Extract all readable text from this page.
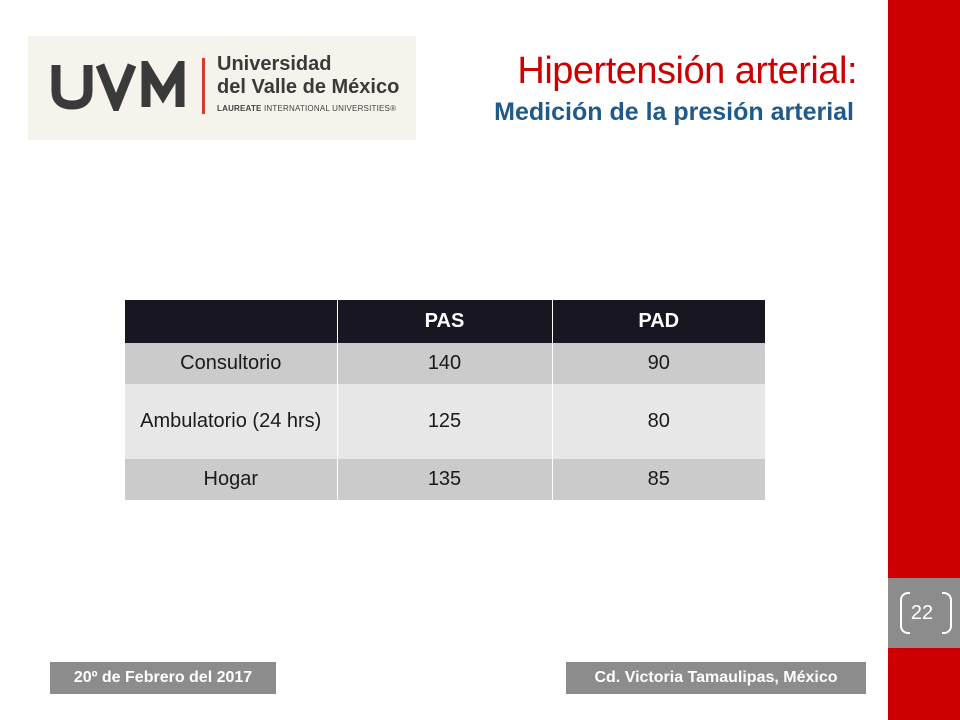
22
Universidad
del Valle de México
LAUREATE INTERNATIONAL UNIVERSITIES®
Hipertensión arterial:
Medición de la presión arterial
	PAS	PAD
Consultorio	140	90
Ambulatorio (24 hrs)	125	80
Hogar	135	85
20º de Febrero del 2017	Cd. Victoria Tamaulipas, México
